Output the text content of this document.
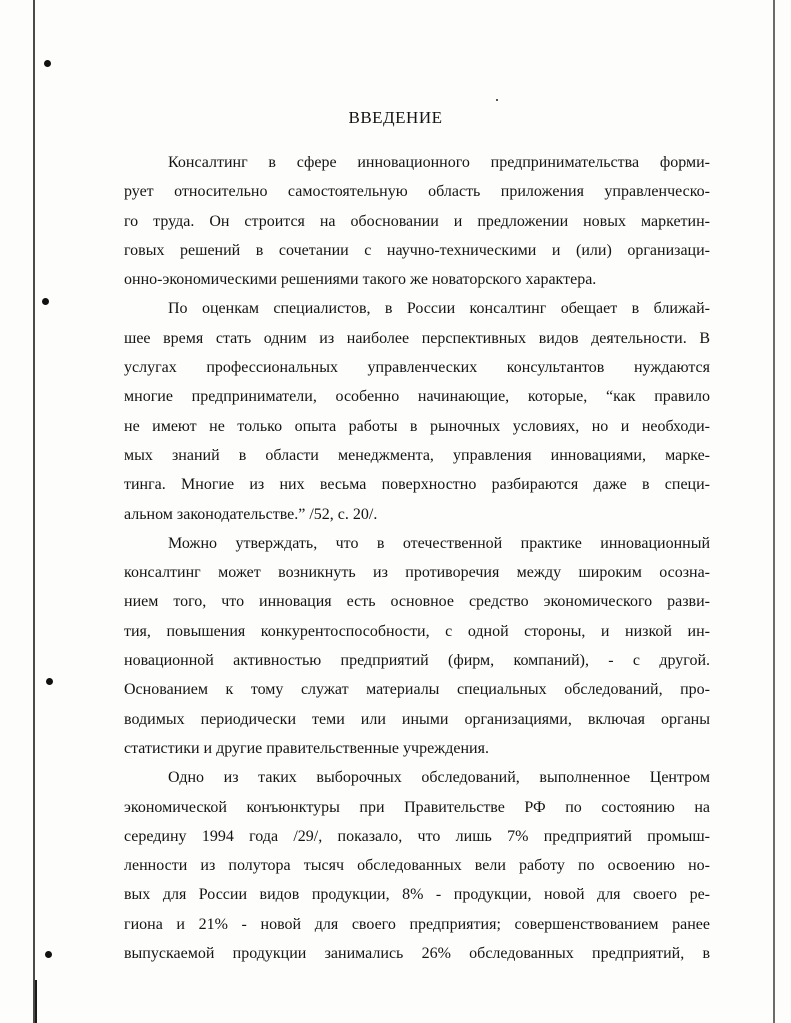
ВВЕДЕНИЕ

Консалтинг в сфере инновационного предпринимательства форми-
рует относительно самостоятельную область приложения управленческо-
го труда. Он строится на обосновании и предложении новых маркетин-
говых решений в сочетании с научно-техническими и (или) организаци-
онно-экономическими решениями такого же новаторского характера.

По оценкам специалистов, в России консалтинг обещает в ближай-
шее время стать одним из наиболее перспективных видов деятельности. В
услугах профессиональных управленческих консультантов нуждаются
многие предприниматели, особенно начинающие, которые, “как правило
не имеют не только опыта работы в рыночных условиях, но и необходи-
мых знаний в области менеджмента, управления инновациями, марке-
тинга. Многие из них весьма поверхностно разбираются даже в специ-
альном законодательстве.” /52, с. 20/.

Можно утверждать, что в отечественной практике инновационный
консалтинг может возникнуть из противоречия между широким осозна-
нием того, что инновация есть основное средство экономического разви-
тия, повышения конкурентоспособности, с одной стороны, и низкой ин-
новационной активностью предприятий (фирм, компаний), - с другой.
Основанием к тому служат материалы специальных обследований, про-
водимых периодически теми или иными организациями, включая органы
статистики и другие правительственные учреждения.

Одно из таких выборочных обследований, выполненное Центром
экономической конъюнктуры при Правительстве РФ по состоянию на
середину 1994 года /29/, показало, что лишь 7% предприятий промыш-
ленности из полутора тысяч обследованных вели работу по освоению но-
вых для России видов продукции, 8% - продукции, новой для своего ре-
гиона и 21% - новой для своего предприятия; совершенствованием ранее
выпускаемой продукции занимались 26% обследованных предприятий, в
